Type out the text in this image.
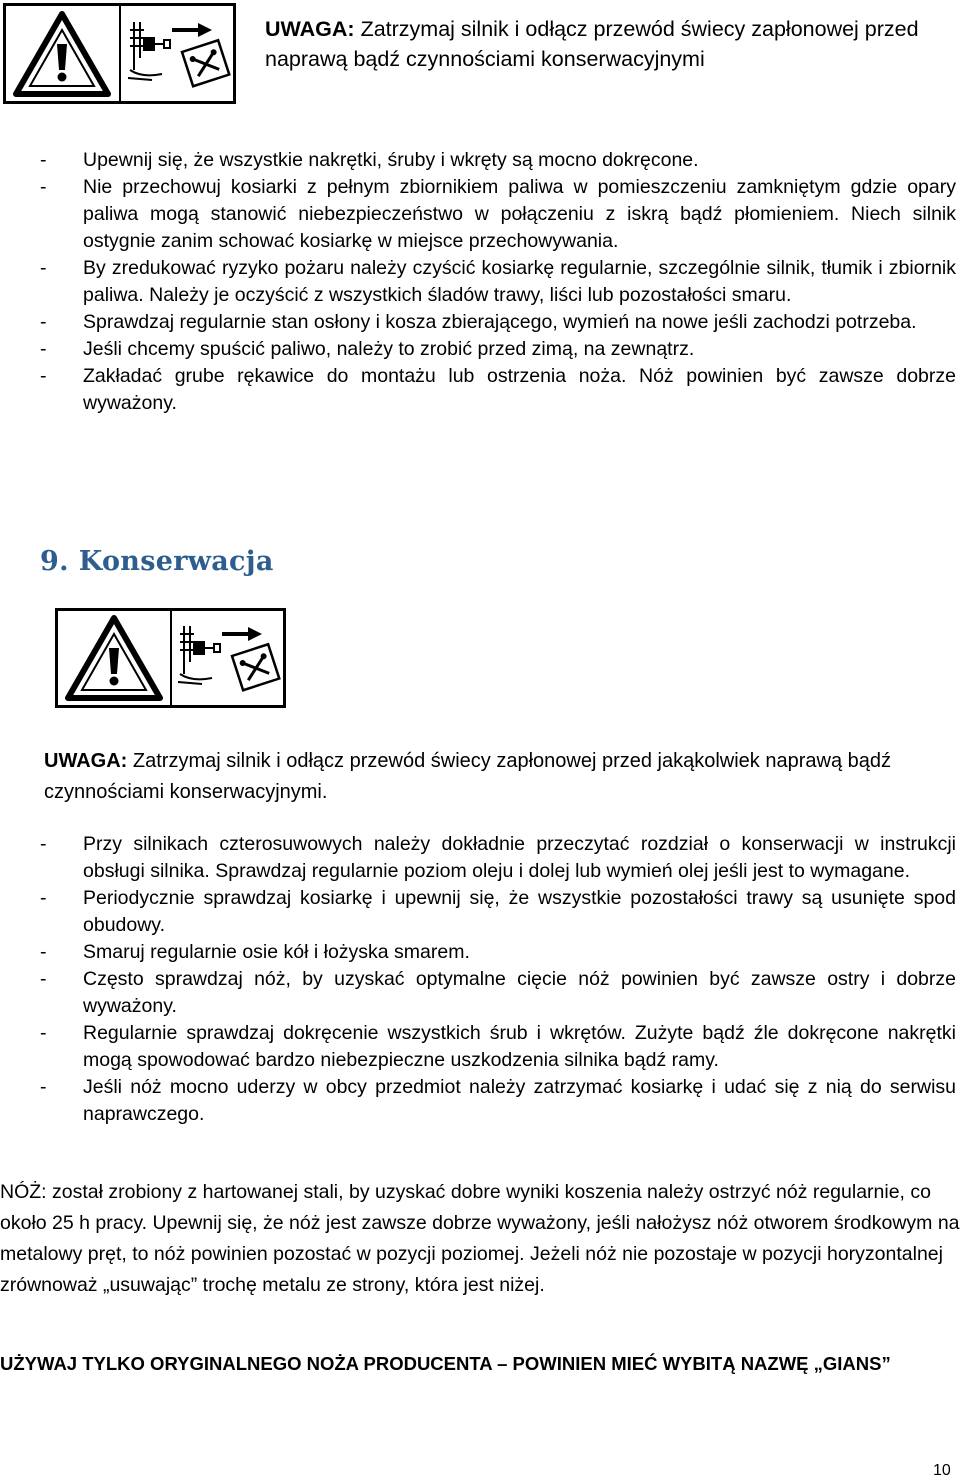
UWAGA: Zatrzymaj silnik i odłącz przewód świecy zapłonowej przed naprawą bądź czynnościami konserwacyjnymi
- Upewnij się, że wszystkie nakrętki, śruby i wkręty są mocno dokręcone.
- Nie przechowuj kosiarki z pełnym zbiornikiem paliwa w pomieszczeniu zamkniętym gdzie opary paliwa mogą stanowić niebezpieczeństwo w połączeniu z iskrą bądź płomieniem. Niech silnik ostygnie zanim schować kosiarkę w miejsce przechowywania.
- By zredukować ryzyko pożaru należy czyścić kosiarkę regularnie, szczególnie silnik, tłumik i zbiornik paliwa. Należy je oczyścić z wszystkich śladów trawy, liści lub pozostałości smaru.
- Sprawdzaj regularnie stan osłony i kosza zbierającego, wymień na nowe jeśli zachodzi potrzeba.
- Jeśli chcemy spuścić paliwo, należy to zrobić przed zimą, na zewnątrz.
- Zakładać grube rękawice do montażu lub ostrzenia noża. Nóż powinien być zawsze dobrze wyważony.
9. Konserwacja
UWAGA: Zatrzymaj silnik i odłącz przewód świecy zapłonowej przed jakąkolwiek naprawą bądź czynnościami konserwacyjnymi.
- Przy silnikach czterosuwowych należy dokładnie przeczytać rozdział o konserwacji w instrukcji obsługi silnika. Sprawdzaj regularnie poziom oleju i dolej lub wymień olej jeśli jest to wymagane.
- Periodycznie sprawdzaj kosiarkę i upewnij się, że wszystkie pozostałości trawy są usunięte spod obudowy.
- Smaruj regularnie osie kół i łożyska smarem.
- Często sprawdzaj nóż, by uzyskać optymalne cięcie nóż powinien być zawsze ostry i dobrze wyważony.
- Regularnie sprawdzaj dokręcenie wszystkich śrub i wkrętów. Zużyte bądź źle dokręcone nakrętki mogą spowodować bardzo niebezpieczne uszkodzenia silnika bądź ramy.
- Jeśli nóż mocno uderzy w obcy przedmiot należy zatrzymać kosiarkę i udać się z nią do serwisu naprawczego.
NÓŻ: został zrobiony z hartowanej stali, by uzyskać dobre wyniki koszenia należy ostrzyć nóż regularnie, co około 25 h pracy. Upewnij się, że nóż jest zawsze dobrze wyważony, jeśli nałożysz nóż otworem środkowym na metalowy pręt, to nóż powinien pozostać w pozycji poziomej. Jeżeli nóż nie pozostaje w pozycji horyzontalnej zrównoważ „usuwając” trochę metalu ze strony, która jest niżej.
UŻYWAJ TYLKO ORYGINALNEGO NOŻA PRODUCENTA – POWINIEN MIEĆ WYBITĄ NAZWĘ „GIANS”
10
